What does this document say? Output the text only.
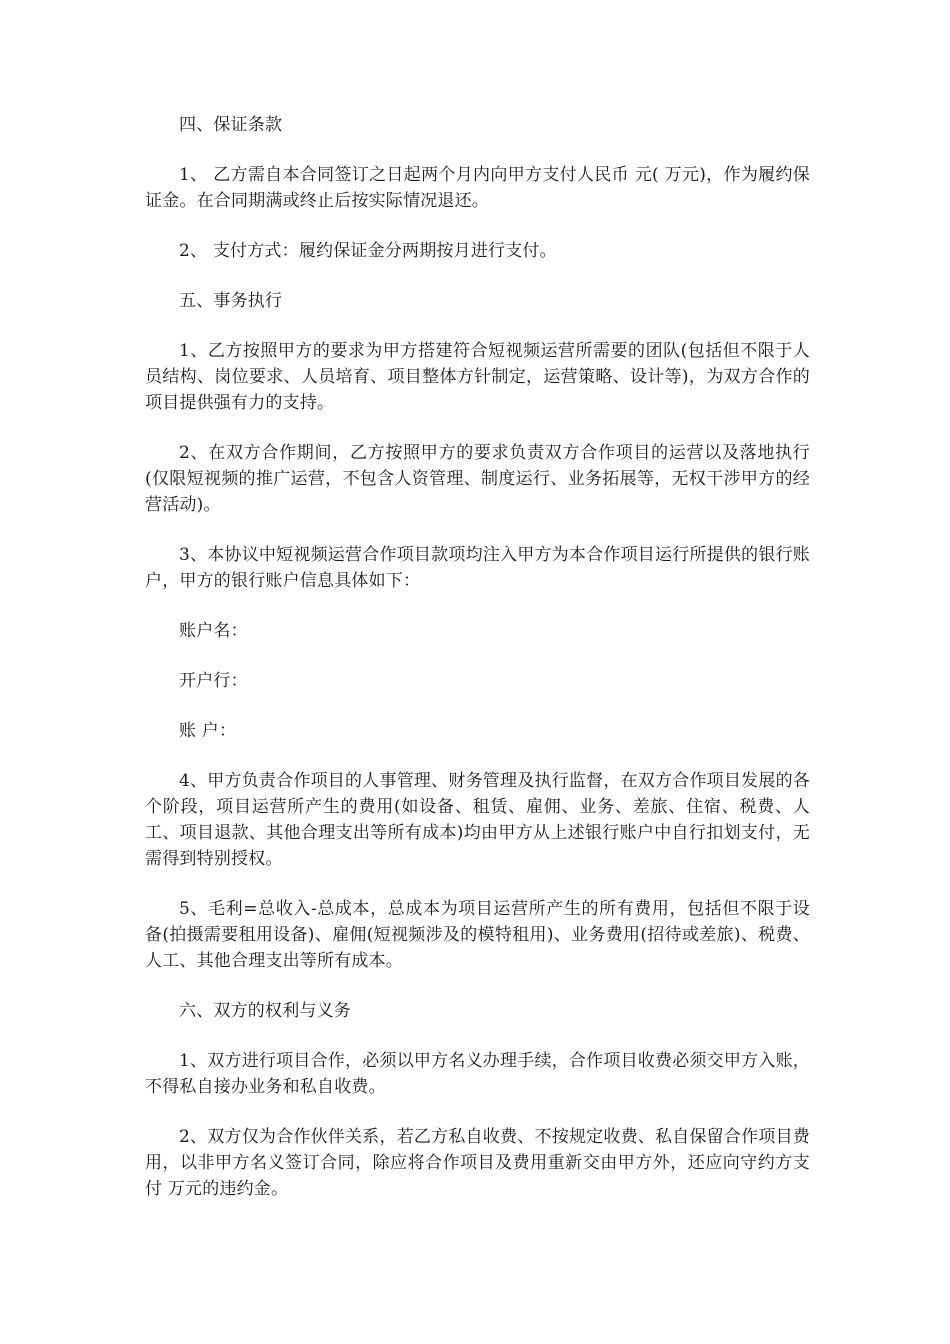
四、保证条款

1、 乙方需自本合同签订之日起两个月内向甲方支付人民币 元( 万元)，作为履约保证金。在合同期满或终止后按实际情况退还。

2、 支付方式：履约保证金分两期按月进行支付。

五、事务执行

1、乙方按照甲方的要求为甲方搭建符合短视频运营所需要的团队(包括但不限于人员结构、岗位要求、人员培育、项目整体方针制定，运营策略、设计等)，为双方合作的项目提供强有力的支持。

2、在双方合作期间，乙方按照甲方的要求负责双方合作项目的运营以及落地执行(仅限短视频的推广运营，不包含人资管理、制度运行、业务拓展等，无权干涉甲方的经营活动)。

3、本协议中短视频运营合作项目款项均注入甲方为本合作项目运行所提供的银行账户，甲方的银行账户信息具体如下：

账户名：

开户行：

账 户：

4、甲方负责合作项目的人事管理、财务管理及执行监督，在双方合作项目发展的各个阶段，项目运营所产生的费用(如设备、租赁、雇佣、业务、差旅、住宿、税费、人工、项目退款、其他合理支出等所有成本)均由甲方从上述银行账户中自行扣划支付，无需得到特别授权。

5、毛利=总收入-总成本，总成本为项目运营所产生的所有费用，包括但不限于设备(拍摄需要租用设备)、雇佣(短视频涉及的模特租用)、业务费用(招待或差旅)、税费、人工、其他合理支出等所有成本。

六、双方的权利与义务

1、双方进行项目合作，必须以甲方名义办理手续，合作项目收费必须交甲方入账，不得私自接办业务和私自收费。

2、双方仅为合作伙伴关系，若乙方私自收费、不按规定收费、私自保留合作项目费用，以非甲方名义签订合同，除应将合作项目及费用重新交由甲方外，还应向守约方支付 万元的违约金。
